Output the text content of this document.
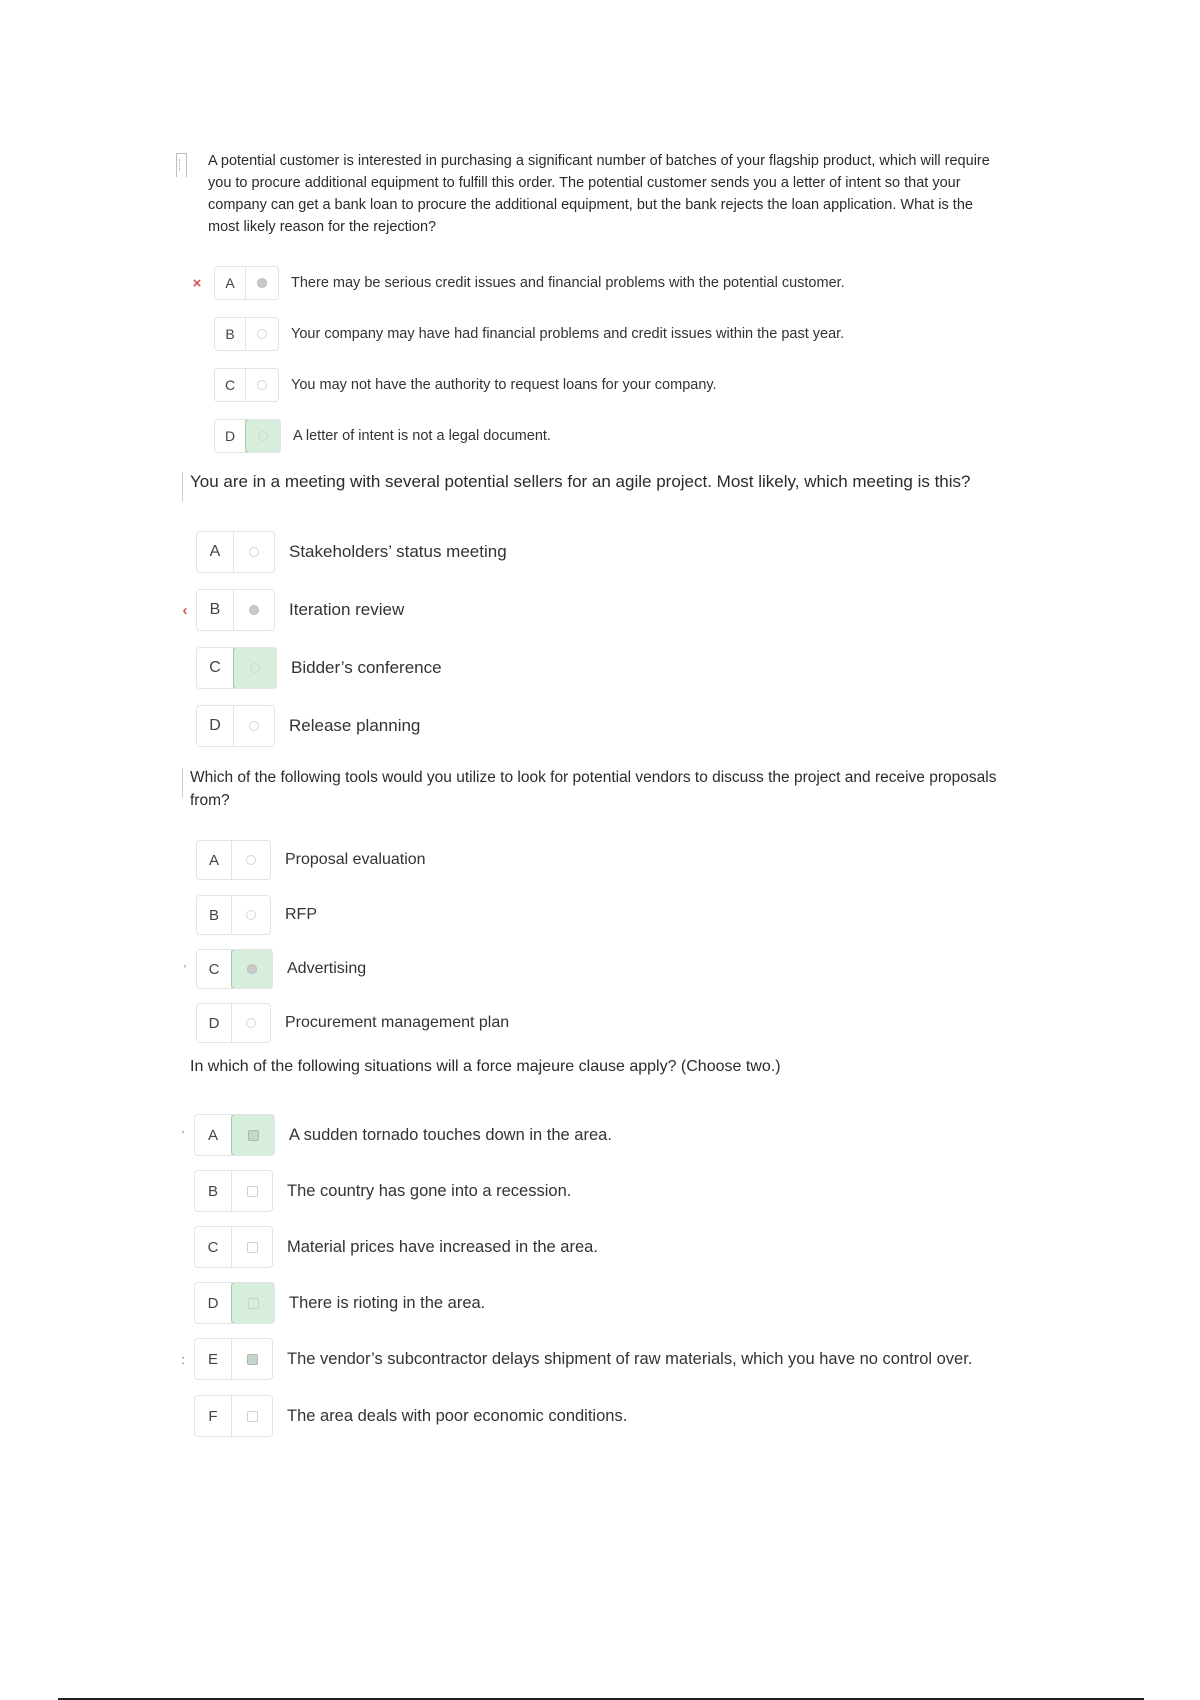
A potential customer is interested in purchasing a significant number of batches of your flagship product, which will require you to procure additional equipment to fulfill this order. The potential customer sends you a letter of intent so that your company can get a bank loan to procure the additional equipment, but the bank rejects the loan application. What is the most likely reason for the rejection?
×	A	There may be serious credit issues and financial problems with the potential customer.
B	Your company may have had financial problems and credit issues within the past year.
C	You may not have the authority to request loans for your company.
D	A letter of intent is not a legal document.
You are in a meeting with several potential sellers for an agile project. Most likely, which meeting is this?
A	Stakeholders’ status meeting
‹	B	Iteration review
C	Bidder’s conference
D	Release planning
Which of the following tools would you utilize to look for potential vendors to discuss the project and receive proposals from?
A	Proposal evaluation
B	RFP
′	C	Advertising
D	Procurement management plan
In which of the following situations will a force majeure clause apply? (Choose two.)
′	A	A sudden tornado touches down in the area.
B	The country has gone into a recession.
C	Material prices have increased in the area.
D	There is rioting in the area.
:	E	The vendor’s subcontractor delays shipment of raw materials, which you have no control over.
F	The area deals with poor economic conditions.
